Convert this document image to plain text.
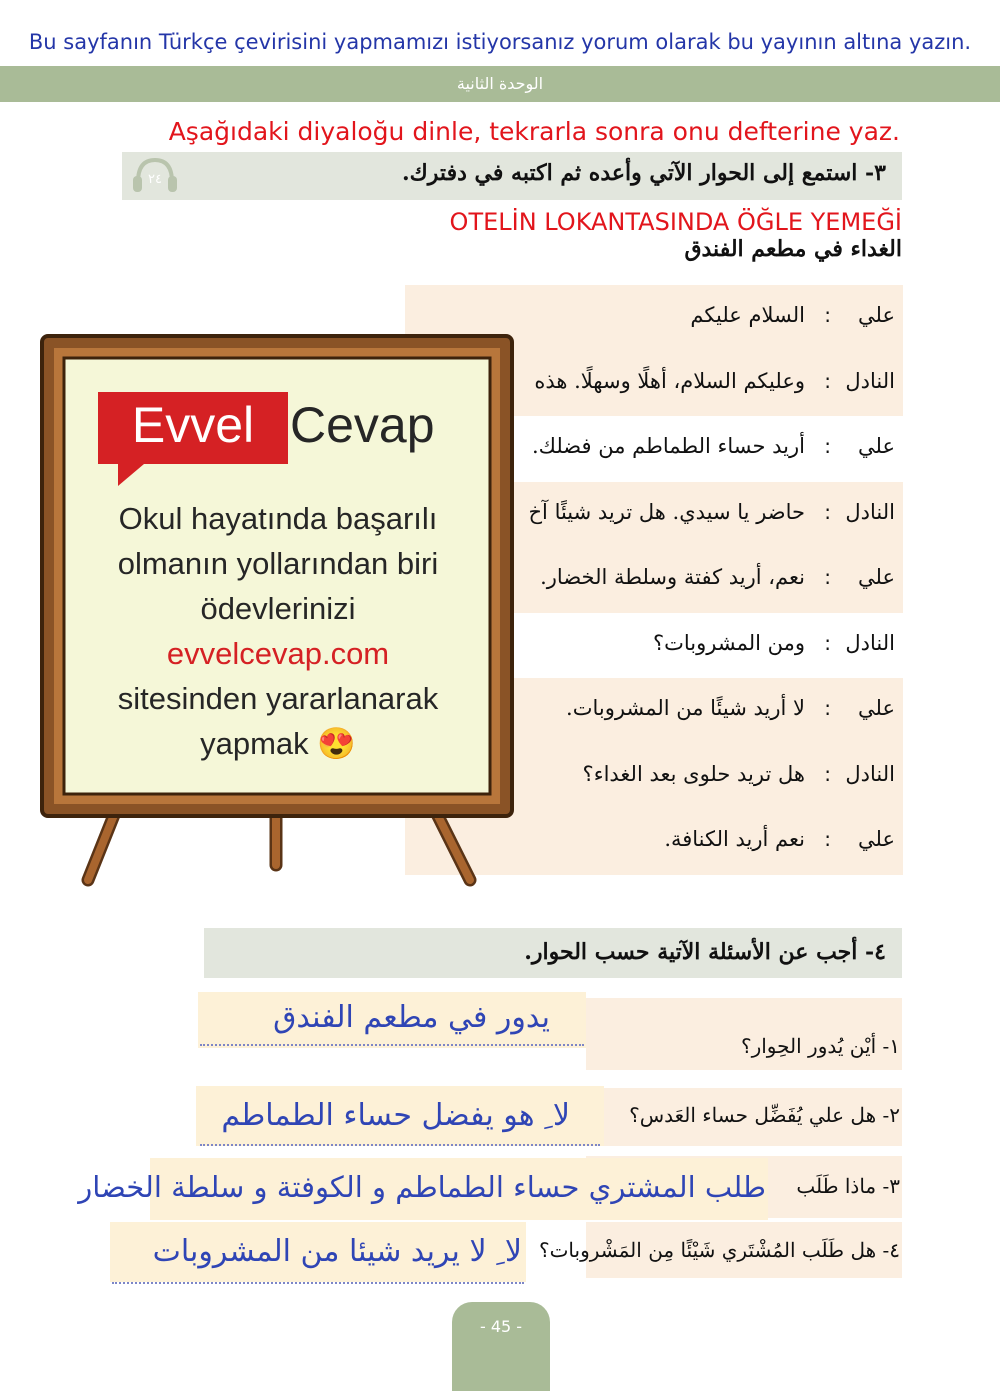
Bu sayfanın Türkçe çevirisini yapmamızı istiyorsanız yorum olarak bu yayının altına yazın.
الوحدة الثانية
Aşağıdaki diyaloğu dinle, tekrarla sonra onu defterine yaz.
٣- استمع إلى الحوار الآتي وأعده ثم اكتبه في دفترك.
٢٤
OTELİN LOKANTASINDA ÖĞLE YEMEĞİ
الغداء في مطعم الفندق
علي
:
السلام عليكم
النادل
:
وعليكم السلام، أهلًا وسهلًا. هذه
علي
:
أريد حساء الطماطم من فضلك.
النادل
:
حاضر يا سيدي. هل تريد شيئًا آخ
علي
:
نعم، أريد كفتة وسلطة الخضار.
النادل
:
ومن المشروبات؟
علي
:
لا أريد شيئًا من المشروبات.
النادل
:
هل تريد حلوى بعد الغداء؟
علي
:
نعم أريد الكنافة.
Evvel Cevap
Okul hayatında başarılı
olmanın yollarından biri
ödevlerinizi
evvelcevap.com
sitesinden yararlanarak
yapmak 😍
٤- أجب عن الأسئلة الآتية حسب الحوار.
١- أيْن يُدور الحِوار؟
يدور في مطعم الفندق
٢- هل علي يُفَضِّل حساء العَدس؟
لا ِ هو يفضل حساء الطماطم
٣- ماذا طَلَب
طلب المشتري حساء الطماطم و الكوفتة و سلطة الخضار
٤- هل طَلَب المُشْتَري شَيْئًا مِن المَشْروبات؟
لا ِ لا يريد شيئا من المشروبات
- 45 -
